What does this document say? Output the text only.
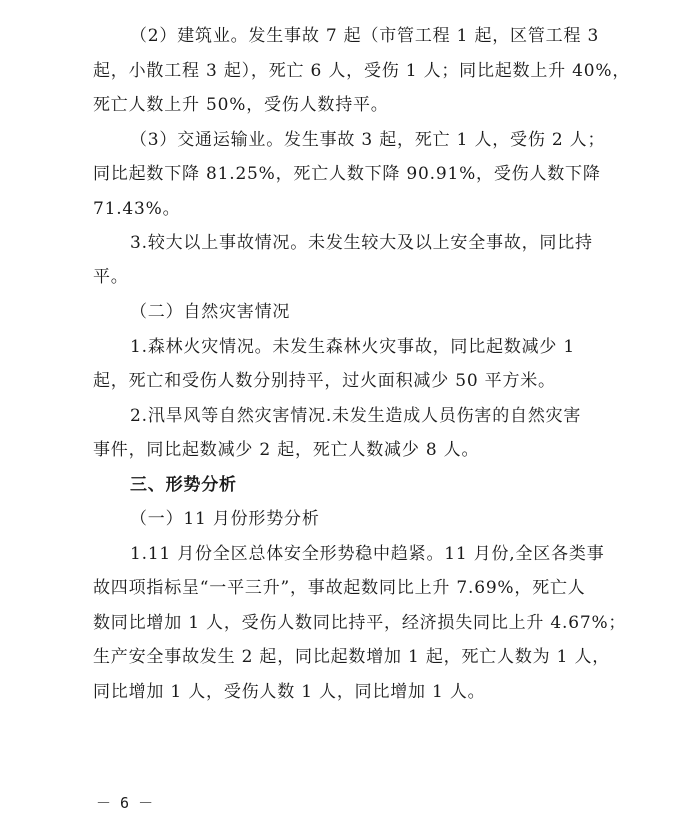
（2）建筑业。发生事故 7 起（市管工程 1 起，区管工程 3
起，小散工程 3 起），死亡 6 人，受伤 1 人；同比起数上升 40%，
死亡人数上升 50%，受伤人数持平。
（3）交通运输业。发生事故 3 起，死亡 1 人，受伤 2 人；
同比起数下降 81.25%，死亡人数下降 90.91%，受伤人数下降
71.43%。
3.较大以上事故情况。未发生较大及以上安全事故，同比持
平。
（二）自然灾害情况
1.森林火灾情况。未发生森林火灾事故，同比起数减少 1
起，死亡和受伤人数分别持平，过火面积减少 50 平方米。
2.汛旱风等自然灾害情况.未发生造成人员伤害的自然灾害
事件，同比起数减少 2 起，死亡人数减少 8 人。
三、形势分析
（一）11 月份形势分析
1.11 月份全区总体安全形势稳中趋紧。11 月份,全区各类事
故四项指标呈“一平三升”，事故起数同比上升 7.69%，死亡人
数同比增加 1 人，受伤人数同比持平，经济损失同比上升 4.67%；
生产安全事故发生 2 起，同比起数增加 1 起，死亡人数为 1 人，
同比增加 1 人，受伤人数 1 人，同比增加 1 人。
－ 6 －
